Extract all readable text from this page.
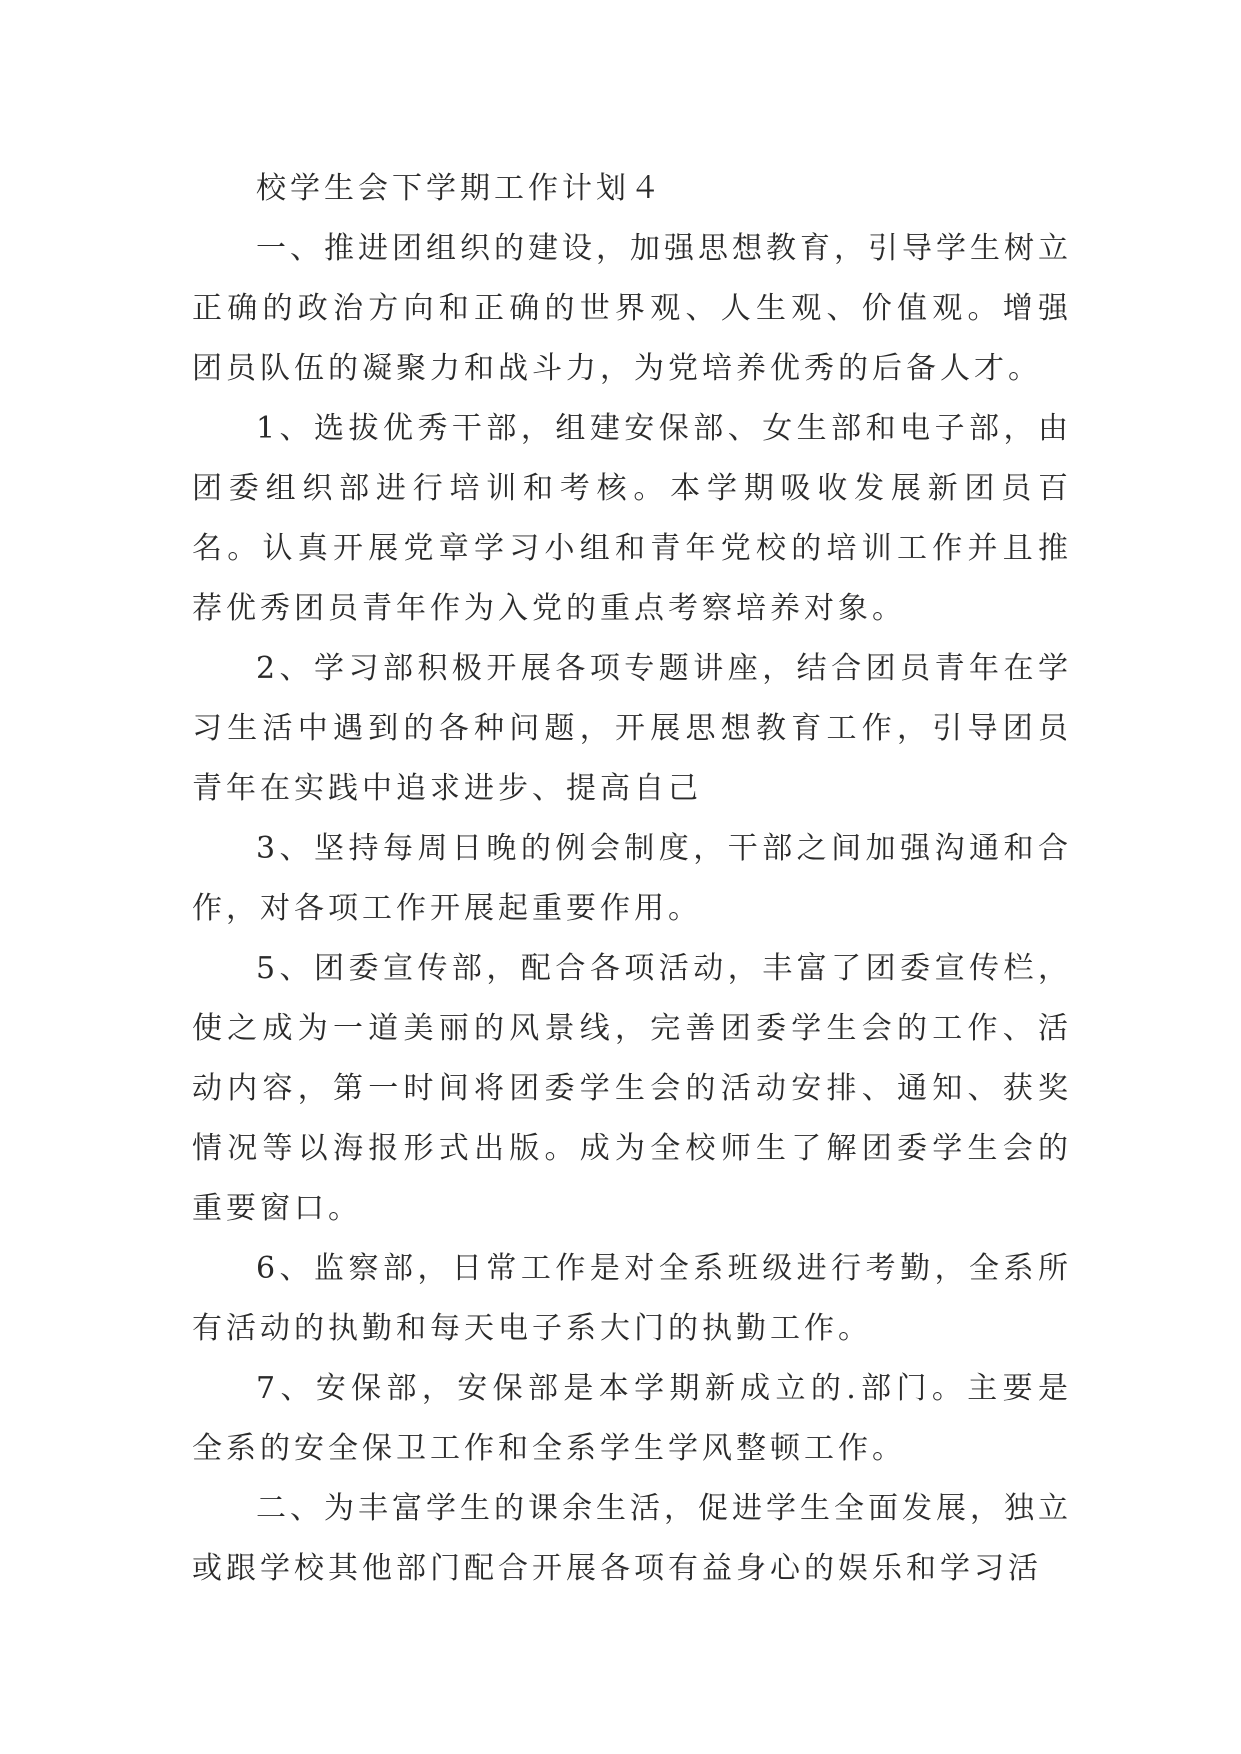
校学生会下学期工作计划４

一、推进团组织的建设，加强思想教育，引导学生树立正确的政治方向和正确的世界观、人生观、价值观。增强团员队伍的凝聚力和战斗力，为党培养优秀的后备人才。

1、选拔优秀干部，组建安保部、女生部和电子部，由团委组织部进行培训和考核。本学期吸收发展新团员百名。认真开展党章学习小组和青年党校的培训工作并且推荐优秀团员青年作为入党的重点考察培养对象。

2、学习部积极开展各项专题讲座，结合团员青年在学习生活中遇到的各种问题，开展思想教育工作，引导团员青年在实践中追求进步、提高自己

3、坚持每周日晚的例会制度，干部之间加强沟通和合作，对各项工作开展起重要作用。

5、团委宣传部，配合各项活动，丰富了团委宣传栏，使之成为一道美丽的风景线，完善团委学生会的工作、活动内容，第一时间将团委学生会的活动安排、通知、获奖情况等以海报形式出版。成为全校师生了解团委学生会的重要窗口。

6、监察部，日常工作是对全系班级进行考勤，全系所有活动的执勤和每天电子系大门的执勤工作。

7、安保部，安保部是本学期新成立的.部门。主要是全系的安全保卫工作和全系学生学风整顿工作。

二、为丰富学生的课余生活，促进学生全面发展，独立或跟学校其他部门配合开展各项有益身心的娱乐和学习活
